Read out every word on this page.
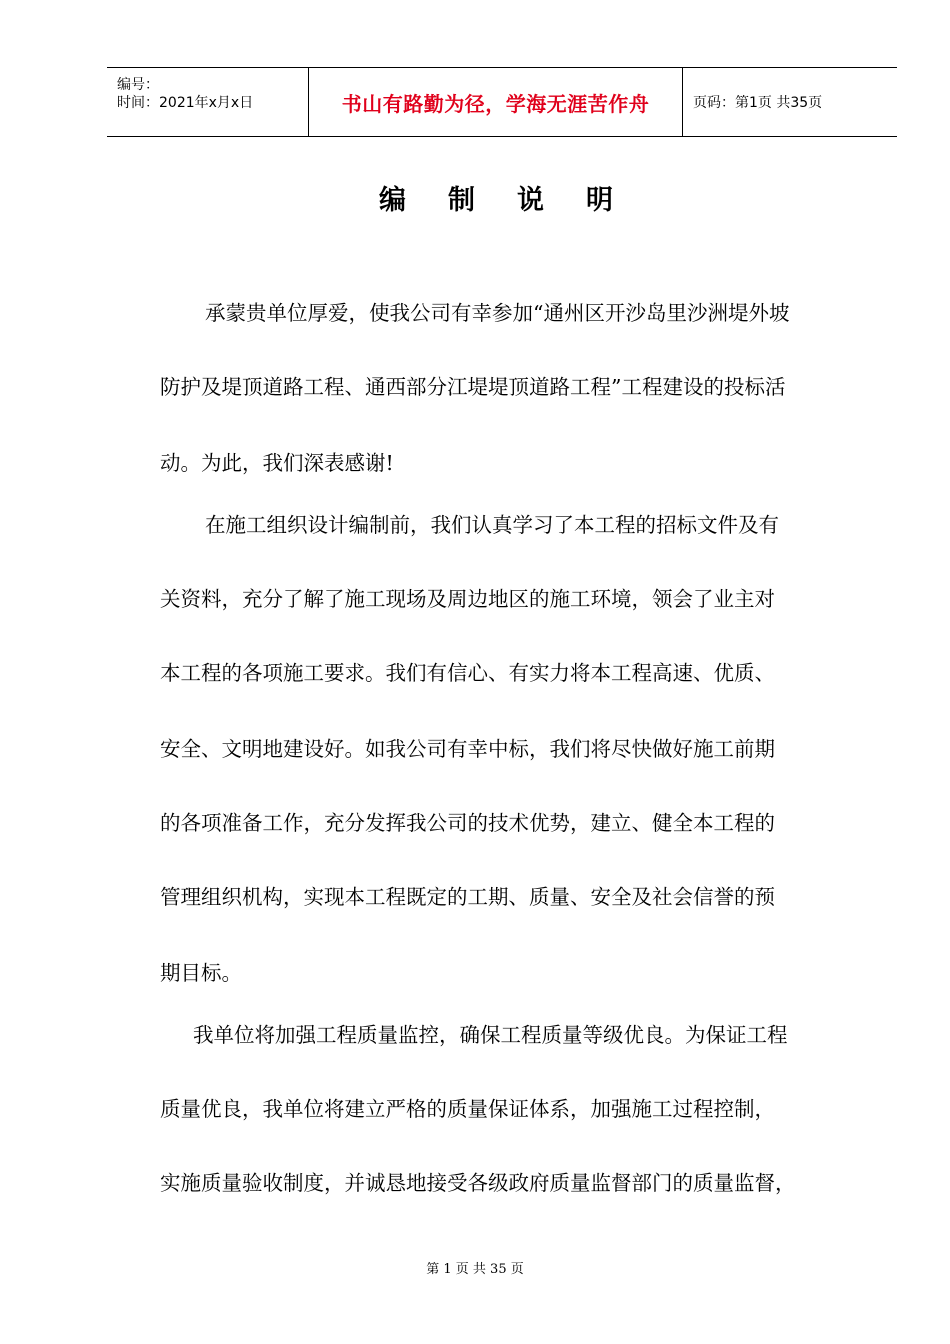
编号：
时间：2021年x月x日	书山有路勤为径，学海无涯苦作舟	页码：第1页 共35页
编制说明
承蒙贵单位厚爱，使我公司有幸参加“通州区开沙岛里沙洲堤外坡
防护及堤顶道路工程、通西部分江堤堤顶道路工程”工程建设的投标活
动。为此，我们深表感谢!
在施工组织设计编制前，我们认真学习了本工程的招标文件及有
关资料，充分了解了施工现场及周边地区的施工环境，领会了业主对
本工程的各项施工要求。我们有信心、有实力将本工程高速、优质、
安全、文明地建设好。如我公司有幸中标，我们将尽快做好施工前期
的各项准备工作，充分发挥我公司的技术优势，建立、健全本工程的
管理组织机构，实现本工程既定的工期、质量、安全及社会信誉的预
期目标。
我单位将加强工程质量监控，确保工程质量等级优良。为保证工程
质量优良，我单位将建立严格的质量保证体系，加强施工过程控制，
实施质量验收制度，并诚恳地接受各级政府质量监督部门的质量监督，
第 1 页 共 35 页
